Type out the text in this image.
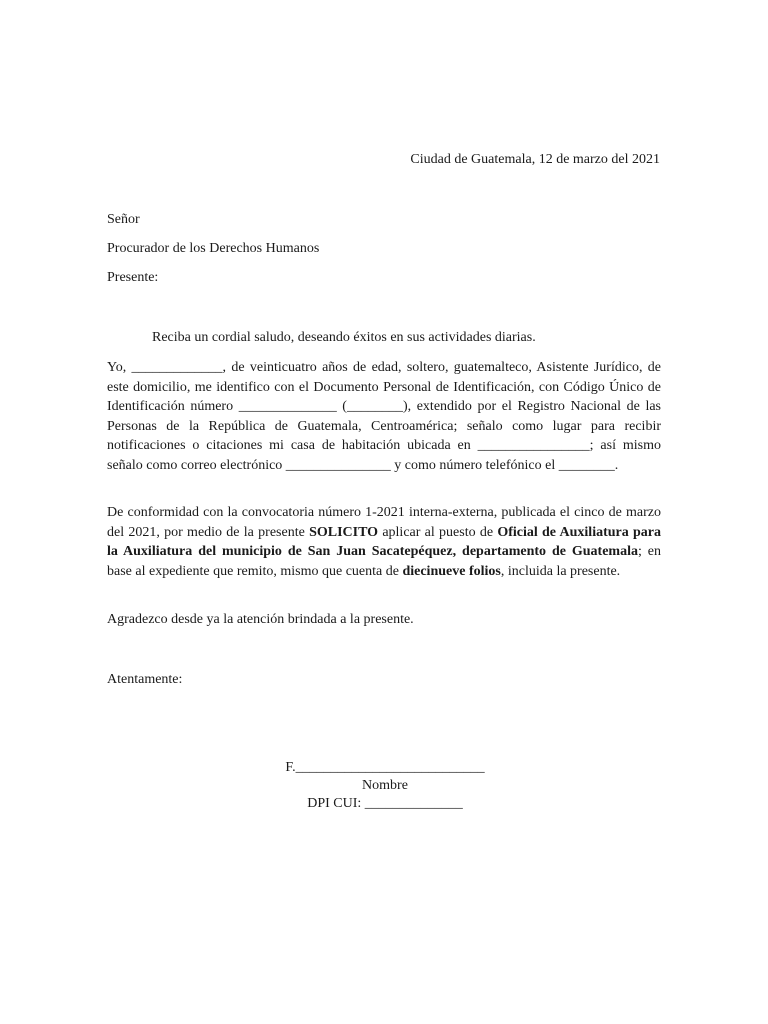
Ciudad de Guatemala, 12 de marzo del 2021
Señor
Procurador de los Derechos Humanos
Presente:
Reciba un cordial saludo, deseando éxitos en sus actividades diarias.
Yo, _____________, de veinticuatro años de edad, soltero, guatemalteco, Asistente Jurídico, de este domicilio, me identifico con el Documento Personal de Identificación, con Código Único de Identificación número ______________ (________), extendido por el Registro Nacional de las Personas de la República de Guatemala, Centroamérica; señalo como lugar para recibir notificaciones o citaciones mi casa de habitación ubicada en ________________; así mismo señalo como correo electrónico _______________ y como número telefónico el ________.
De conformidad con la convocatoria número 1-2021 interna-externa, publicada el cinco de marzo del 2021, por medio de la presente SOLICITO aplicar al puesto de Oficial de Auxiliatura para la Auxiliatura del municipio de San Juan Sacatepéquez, departamento de Guatemala; en base al expediente que remito, mismo que cuenta de diecinueve folios, incluida la presente.
Agradezco desde ya la atención brindada a la presente.
Atentamente:
F.___________________________
Nombre
DPI CUI: ______________
